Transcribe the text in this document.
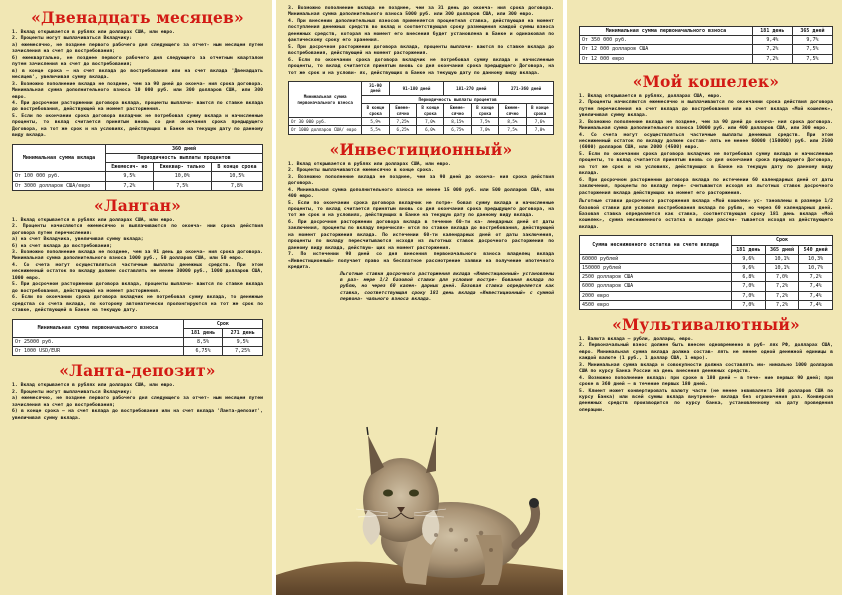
«Двенадцать месяцев»

1. Вклад открывается в рублях или долларах США, или евро.
2. Проценты могут выплачиваться Вкладчику:
а) ежемесячно, не позднее первого рабочего дня следующего за отчет- ным месяцем путем зачисления на счет до востребования;
б) ежеквартально, не позднее первого рабочего дня следующего за отчетным кварталом путем зачисления на счет до востребования;
в) в конце срока — на счет вклада до востребования или на счет вклада 'Двенадцать месяцев', увеличивая сумму вклада.
3. Возможно пополнение вклада не позднее, чем за 90 дней до оконча- ния срока договора. Минимальная сумма дополнительного взноса 10 000 руб. или 300 долларов США, или 300 евро.
4. При досрочном расторжении договора вклада, проценты выплачи- ваются по ставке вклада до востребования, действующей на момент расторжения.
5. Если по окончании срока договора вкладчик не потребовал сумму вклада и начисленные проценты, то вклад считается принятым вновь со дня окончания срока предыдущего Договора, на тот же срок и на условиях, действующих в Банке на текущую дату по данному виду вклада.

Минимальная сумма вклада	360 дней		
	Периодичность выплаты процентов		
	Ежемесяч- но	Ежеквар- тально	В конце срока
От 100 000 руб.	9,5%	10,0%	10,5%
От 3000 долларов США/евро	7,2%	7,5%	7,8%
«Лантан»

1. Вклад открывается в рублях или долларах США, или евро.
2. Проценты начисляются ежемесячно и выплачиваются по оконча- нии срока действия договора путем перечисления:
а) на счет Вкладчика, увеличивая сумму вклада;
б) на счет вклада до востребования;
3. Возможно пополнение вклада не позднее, чем за 91 день до оконча- ния срока договора. Минимальная сумма дополнительного взноса 1000 руб., 50 долларов США, или 50 евро.
4. Со счета могут осуществляться частичные выплаты денежных средств. При этом несниженный остаток по вкладу должен составлять не менее 30000 руб., 1000 долларов США, 1000 евро.
5. При досрочном расторжении договора вклада, проценты выплачи- ваются по ставке вклада до востребования, действующей на момент расторжения.
6. Если по окончании срока договора вкладчик не потребовал сумму вклада, то денежные средства со счета вклада, по которому автоматически пролонгируются на тот же срок по ставке, действующей в Банке на текущую дату.

Минимальная сумма первоначального взноса	Срок	
	181 день	271 день
От 25000 руб.	8,5%	9,5%
От 1000 USD/EUR	6,75%	7,25%
«Ланта-депозит»

1. Вклад открывается в рублях или долларах США, или евро.
2. Проценты могут выплачиваться Вкладчику:
а) ежемесячно, не позднее первого рабочего дня следующего за отчет- ным месяцем путем зачисления на счет до востребования;
б) в конце срока — на счет вклада до востребования или на счет вклада 'Ланта-депозит', увеличивая сумму вклада.

3. Возможно пополнение вклада не позднее, чем за 31 день до оконча- ния срока договора. Минимальная сумма дополнительного взноса 5000 руб. или 300 долларов США, или 300 евро.
4. При внесении дополнительных взносов применяется процентная ставка, действующая на момент поступления денежных средств во вклад и соответствующая сроку размещения каждой суммы взноса денежных средств, которая на момент его внесения будет установлена в Банке и одинаковая по фактическому сроку его хранения.
5. При досрочном расторжении договора вклада, проценты выплачи- ваются по ставке вклада до востребования, действующей на момент расторжения.
6. Если по окончании срока договора вкладчик не потребовал сумму вклада и начисленные проценты, то вклад считается принятым вновь со дня окончания срока предыдущего Договора, на тот же срок и на услови- ях, действующих в Банке на текущую дату по данному виду вклада.

Минимальная сумма первоначального взноса	31-90 дней	91-180 дней		181-270 дней		271-360 дней	
	Периодичность выплаты процентов						
	В конце срока	Ежеме- сячно	В конце срока	Ежеме- сячно	В конце срока	Ежеме- сячно	В конце срока
От 30 000 руб.	5,9%	7,25%	7,0%	8,15%	7,5%	8,5%	7,6%
От 1000 долларов США/ евро	5,5%	6,25%	6,0%	6,75%	7,0%	7,5%	7,0%
«Инвестиционный»

1. Вклад открывается в рублях или долларах США, или евро.
2. Проценты выплачиваются ежемесячно в конце срока.
3. Возможно пополнение вклада не позднее, чем за 90 дней до оконча- ния срока действия договора.
4. Минимальная сумма дополнительного взноса не менее 15 000 руб. или 500 долларов США, или 400 евро.
5. Если по окончании срока договора вкладчик не потре- бовал сумму вклада и начисленные проценты, то вклад считается принятым вновь со дня окончания срока предыдущего договора, на тот же срок и на условиях, действующих в Банке на текущую дату по данному виду вклада.
6. При досрочном расторжении договора вклада в течение 60-ти ка- лендарных дней от даты заключения, проценты по вкладу перечисля- ются по ставке вклада до востребования, действующей на момент расторжения вклада. По истечении 60-ти календарных дней от даты заключения, проценты по вкладу пересчитываются исходя из льготных ставок досрочного расторжения по данному виду вклада, действую- щих на момент расторжения.
7. По истечении 90 дней со дня внесения первоначального взноса владелец вклада «Инвестиционный» получает право на бесплатное рассмотрение заявки на получение ипотечного кредита.

Льготные ставки досрочного расторжения вклада «Инвестиционный» установлены в раз- мере 1/2 базовой ставки для условия востре- бования вклада по рублю, но через 60 кален- дарных дней. Базовая ставка определяется как ставка, соответствующая сроку 181 день вклада «Инвестиционный» с суммой первона- чального взноса вклада.

Минимальная сумма первоначального взноса	181 день	365 дней
От 350 000 руб.	9,4%	9,7%
От 12 000 долларов США	7,2%	7,5%
От 12 000 евро	7,2%	7,5%
«Мой кошелек»

1. Вклад открывается в рублях, долларах США, евро.
2. Проценты начисляются ежемесячно и выплачиваются по окончании срока действия договора путем перечисления на счет вклада до востребования или на счет вклада «Мой кошелек», увеличивая сумму вклада.
3. Возможно пополнение вклада не позднее, чем за 90 дней до оконча- ния срока договора. Минимальная сумма дополнительного взноса 10000 руб. или 400 долларов США, или 300 евро.
4. Со счета могут осуществляться частичные выплаты денежных средств. При этом несниженный остаток по вкладу должен состав- лять не менее 60000 (150000) руб. или 2500 (6000) долларов США, или 2000 (4500) евро.
5. Если по окончании срока договора вкладчик не потребовал сумму вклада и начисленные проценты, то вклад считается принятым вновь со дня окончания срока предыдущего Договора, на тот же срок и на условиях, действующих в Банке на текущую дату по данному виду вклада.
6. При досрочном расторжении договора вклада по истечении 60 календарных дней от даты заключения, проценты по вкладу пере- считываются исходя из льготных ставок досрочного расторжения вклада действующих на момент его расторжения.

Льготные ставки досрочного расторжения вклада «Мой кошелек» ус- тановлены в размере 1/2 базовой ставки для условия востребования вклада по рублю, но через 60 календарных дней. Базовая ставка определяется как ставка, соответствующая сроку 181 день вклада «Мой кошелек», сумма несниженного остатка в вкладе рассчи- тывается исходя из действующего вклада.

Сумма несниженного остатка на счете вклада	Срок		
	181 день	365 дней	540 дней
60000 рублей	9,6%	10,1%	10,3%
150000 рублей	9,6%	10,1%	10,7%
2500 долларов США	6,8%	7,0%	7,2%
6000 долларов США	7,0%	7,2%	7,4%
2000 евро	7,0%	7,2%	7,4%
4500 евро	7,0%	7,2%	7,4%
«Мультивалютный»

1. Валюта вклада — рубли, доллары, евро.
2. Первоначальный взнос должен быть внесен одновременно в руб- лях РФ, долларах США, евро. Минимальная сумма вклада должна состав- лять не менее одной денежной единицы в каждой валюте (1 руб., 1 доллар США, 1 евро).
3. Минимальная сумма вклада и совокупности должна составлять ми- нимально 1000 долларов США по курсу Банка России на день внесения денежных средств.
4. Возможно пополнение вклада: при сроке в 180 дней — в тече- ние первых 90 дней; при сроке в 360 дней — в течение первых 180 дней.
5. Клиент может конвертировать валюту части (не менее эквивалента 300 долларов США по курсу Банка) или всей суммы вклада внутренне- вклада без ограничения раз. Конверсия денежных средств производится по курсу банка, установленному на дату проведения операции.
